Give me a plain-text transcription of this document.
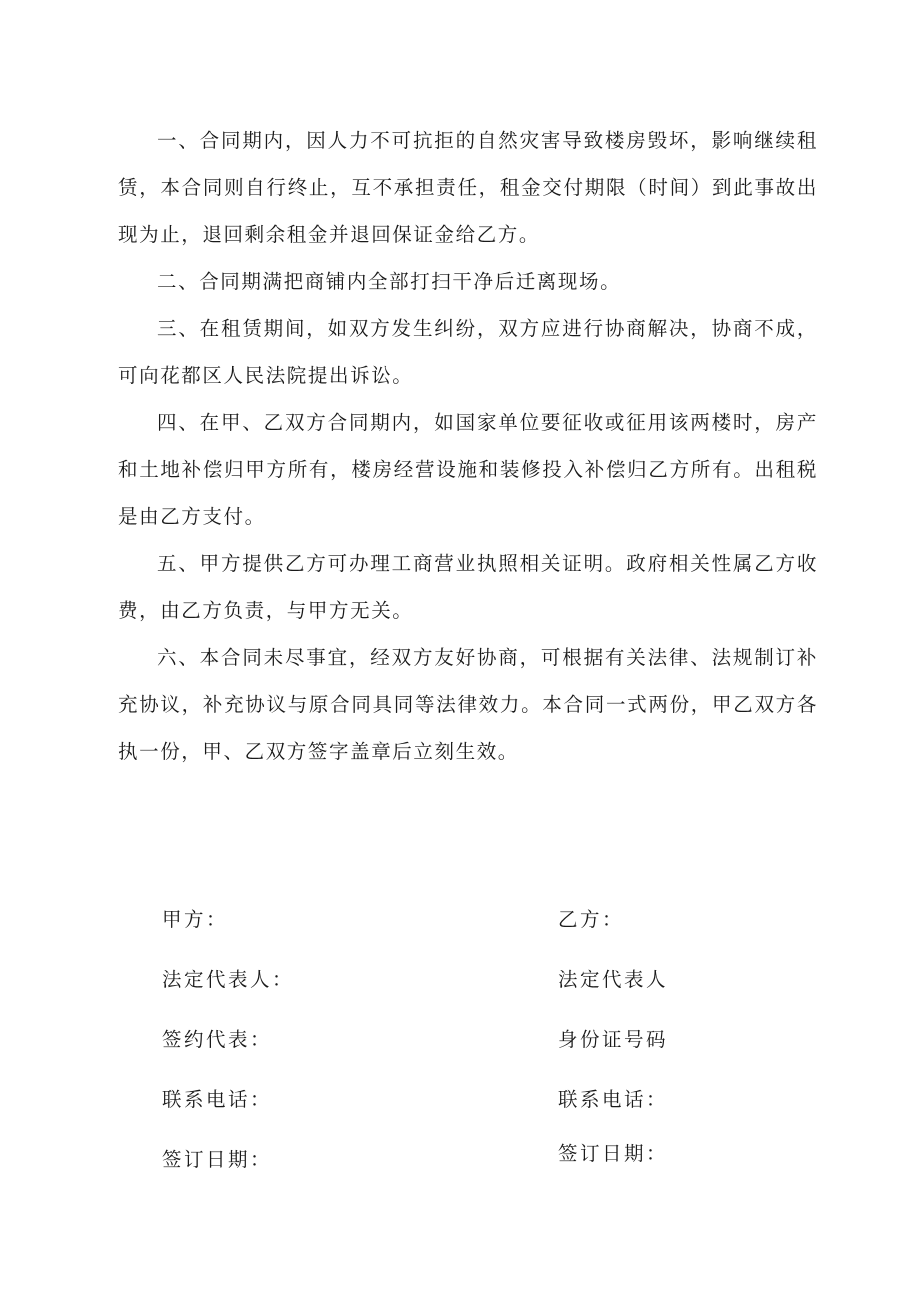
一、合同期内，因人力不可抗拒的自然灾害导致楼房毁坏，影响继续租赁，本合同则自行终止，互不承担责任，租金交付期限（时间）到此事故出现为止，退回剩余租金并退回保证金给乙方。

二、合同期满把商铺内全部打扫干净后迁离现场。

三、在租赁期间，如双方发生纠纷，双方应进行协商解决，协商不成，可向花都区人民法院提出诉讼。

四、在甲、乙双方合同期内，如国家单位要征收或征用该两楼时，房产和土地补偿归甲方所有，楼房经营设施和装修投入补偿归乙方所有。出租税是由乙方支付。

五、甲方提供乙方可办理工商营业执照相关证明。政府相关性属乙方收费，由乙方负责，与甲方无关。

六、本合同未尽事宜，经双方友好协商，可根据有关法律、法规制订补充协议，补充协议与原合同具同等法律效力。本合同一式两份，甲乙双方各执一份，甲、乙双方签字盖章后立刻生效。

甲方：
法定代表人：
签约代表：
联系电话：
签订日期：
乙方：
法定代表人
身份证号码
联系电话：
签订日期：
